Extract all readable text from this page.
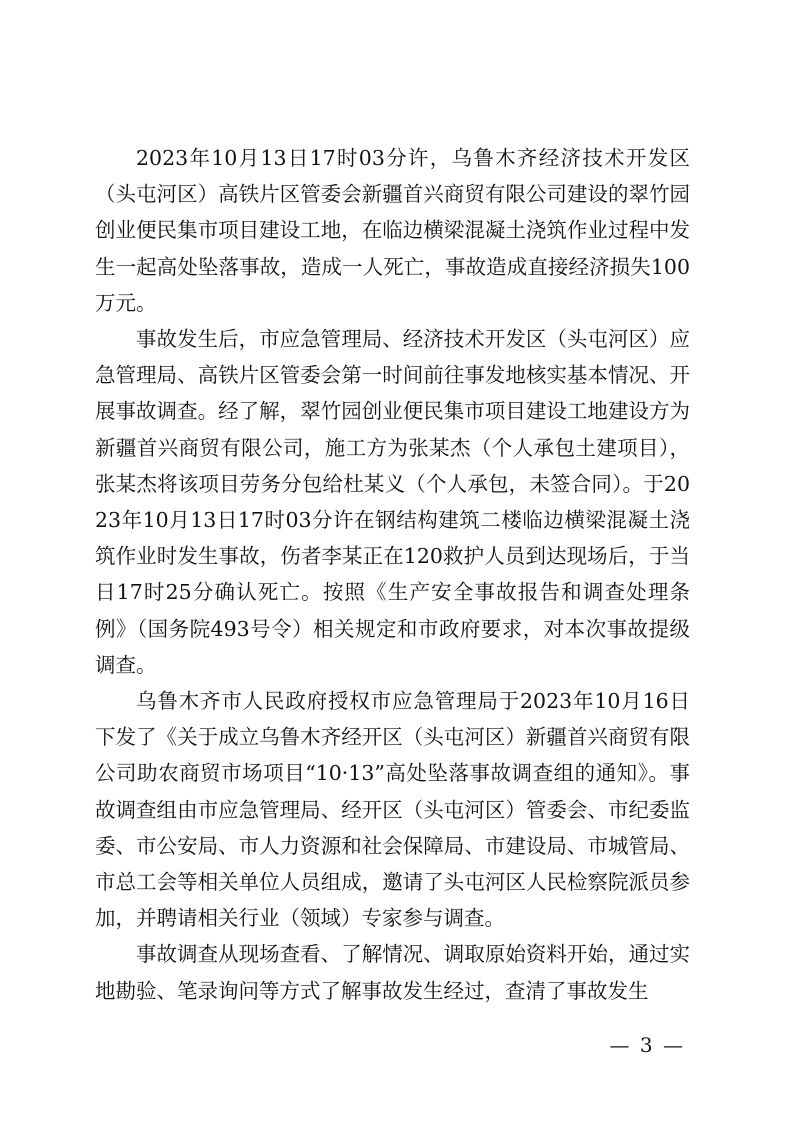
2023年10月13日17时03分许，乌鲁木齐经济技术开发区（头屯河区）高铁片区管委会新疆首兴商贸有限公司建设的翠竹园创业便民集市项目建设工地，在临边横梁混凝土浇筑作业过程中发生一起高处坠落事故，造成一人死亡，事故造成直接经济损失100万元。

事故发生后，市应急管理局、经济技术开发区（头屯河区）应急管理局、高铁片区管委会第一时间前往事发地核实基本情况、开展事故调查。经了解，翠竹园创业便民集市项目建设工地建设方为新疆首兴商贸有限公司，施工方为张某杰（个人承包土建项目），张某杰将该项目劳务分包给杜某义（个人承包，未签合同）。于2023年10月13日17时03分许在钢结构建筑二楼临边横梁混凝土浇筑作业时发生事故，伤者李某正在120救护人员到达现场后，于当日17时25分确认死亡。按照《生产安全事故报告和调查处理条例》（国务院493号令）相关规定和市政府要求，对本次事故提级调查。

乌鲁木齐市人民政府授权市应急管理局于2023年10月16日下发了《关于成立乌鲁木齐经开区（头屯河区）新疆首兴商贸有限公司助农商贸市场项目“10·13”高处坠落事故调查组的通知》。事故调查组由市应急管理局、经开区（头屯河区）管委会、市纪委监委、市公安局、市人力资源和社会保障局、市建设局、市城管局、市总工会等相关单位人员组成，邀请了头屯河区人民检察院派员参加，并聘请相关行业（领域）专家参与调查。

事故调查从现场查看、了解情况、调取原始资料开始，通过实地勘验、笔录询问等方式了解事故发生经过，查清了事故发生

— 3 —
